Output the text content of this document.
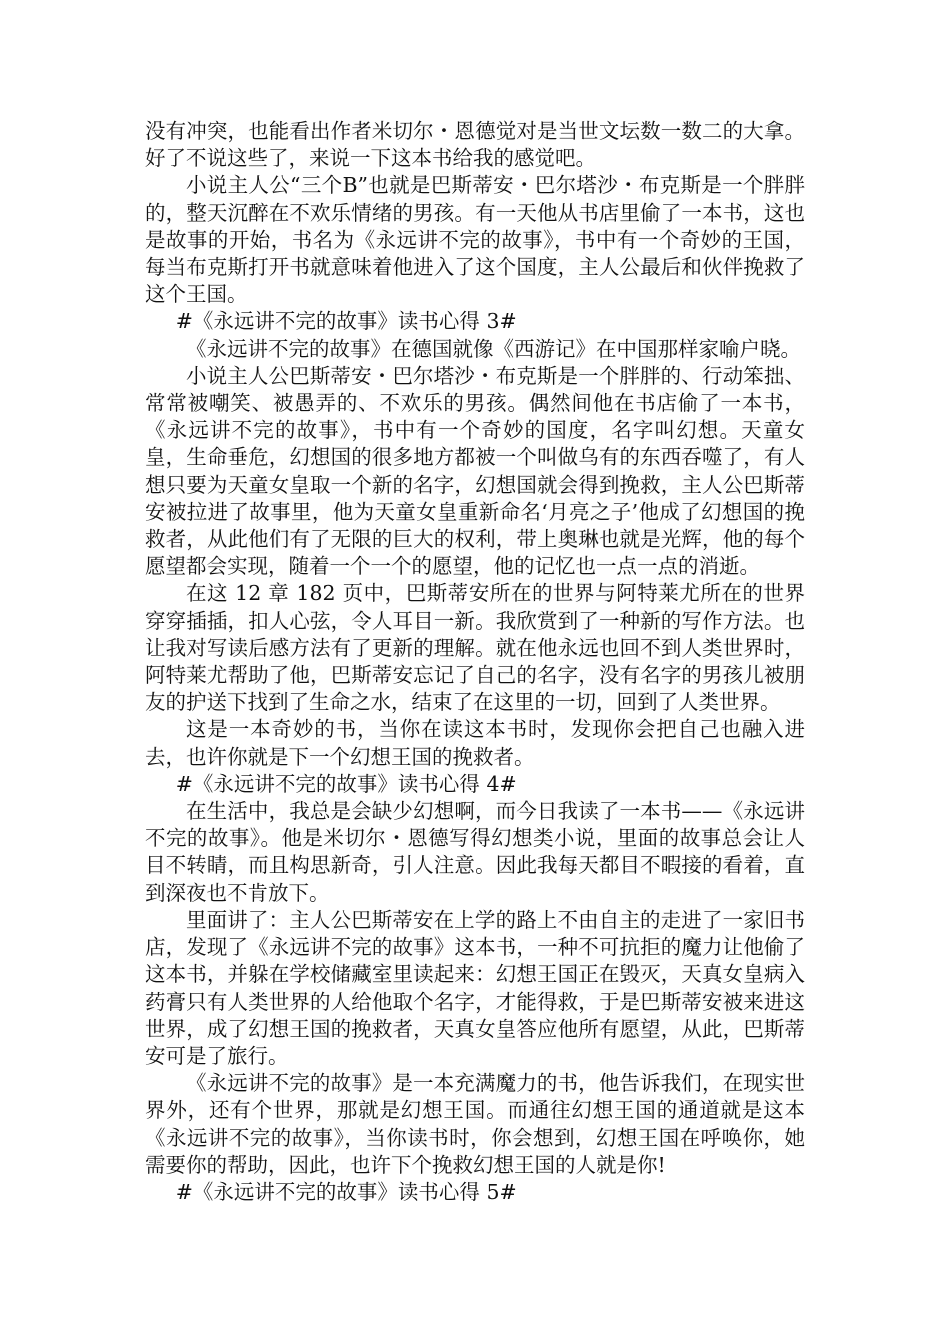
没有冲突，也能看出作者米切尔・恩德觉对是当世文坛数一数二的大拿。好了不说这些了，来说一下这本书给我的感觉吧。

小说主人公“三个B”也就是巴斯蒂安・巴尔塔沙・布克斯是一个胖胖的，整天沉醉在不欢乐情绪的男孩。有一天他从书店里偷了一本书，这也是故事的开始，书名为《永远讲不完的故事》，书中有一个奇妙的王国，每当布克斯打开书就意味着他进入了这个国度，主人公最后和伙伴挽救了这个王国。

#《永远讲不完的故事》读书心得 3#

《永远讲不完的故事》在德国就像《西游记》在中国那样家喻户晓。

小说主人公巴斯蒂安・巴尔塔沙・布克斯是一个胖胖的、行动笨拙、常常被嘲笑、被愚弄的、不欢乐的男孩。偶然间他在书店偷了一本书，《永远讲不完的故事》，书中有一个奇妙的国度，名字叫幻想。天童女皇，生命垂危，幻想国的很多地方都被一个叫做乌有的东西吞噬了，有人想只要为天童女皇取一个新的名字，幻想国就会得到挽救，主人公巴斯蒂安被拉进了故事里，他为天童女皇重新命名‘月亮之子’他成了幻想国的挽救者，从此他们有了无限的巨大的权利，带上奥琳也就是光辉，他的每个愿望都会实现，随着一个一个的愿望，他的记忆也一点一点的消逝。

在这 12 章 182 页中，巴斯蒂安所在的世界与阿特莱尤所在的世界穿穿插插，扣人心弦，令人耳目一新。我欣赏到了一种新的写作方法。也让我对写读后感方法有了更新的理解。就在他永远也回不到人类世界时，阿特莱尤帮助了他，巴斯蒂安忘记了自己的名字，没有名字的男孩儿被朋友的护送下找到了生命之水，结束了在这里的一切，回到了人类世界。

这是一本奇妙的书，当你在读这本书时，发现你会把自己也融入进去，也许你就是下一个幻想王国的挽救者。

#《永远讲不完的故事》读书心得 4#

在生活中，我总是会缺少幻想啊，而今日我读了一本书——《永远讲不完的故事》。他是米切尔・恩德写得幻想类小说，里面的故事总会让人目不转睛，而且构思新奇，引人注意。因此我每天都目不暇接的看着，直到深夜也不肯放下。

里面讲了：主人公巴斯蒂安在上学的路上不由自主的走进了一家旧书店，发现了《永远讲不完的故事》这本书，一种不可抗拒的魔力让他偷了这本书，并躲在学校储藏室里读起来：幻想王国正在毁灭，天真女皇病入药膏只有人类世界的人给他取个名字，才能得救，于是巴斯蒂安被来进这世界，成了幻想王国的挽救者，天真女皇答应他所有愿望，从此，巴斯蒂安可是了旅行。

《永远讲不完的故事》是一本充满魔力的书，他告诉我们，在现实世界外，还有个世界，那就是幻想王国。而通往幻想王国的通道就是这本《永远讲不完的故事》，当你读书时，你会想到，幻想王国在呼唤你，她需要你的帮助，因此，也许下个挽救幻想王国的人就是你!

#《永远讲不完的故事》读书心得 5#
